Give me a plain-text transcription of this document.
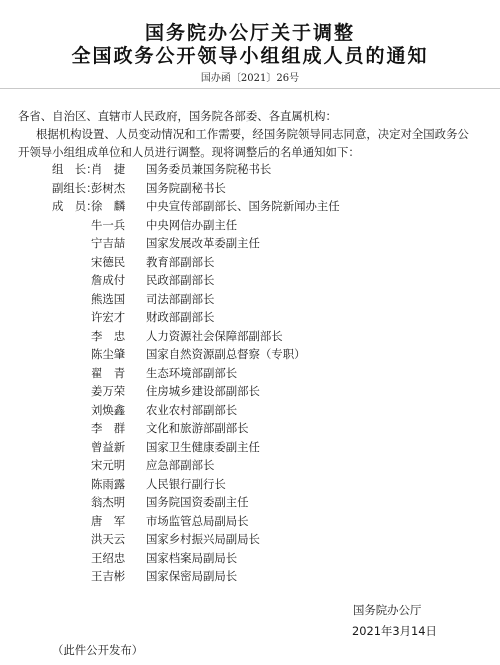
国务院办公厅关于调整
全国政务公开领导小组组成人员的通知
国办函〔2021〕26号
各省、自治区、直辖市人民政府，国务院各部委、各直属机构：
根据机构设置、人员变动情况和工作需要，经国务院领导同志同意，决定对全国政务公
开领导小组组成单位和人员进行调整。现将调整后的名单通知如下：
组　长：
肖　捷 国务委员兼国务院秘书长
副组长：
彭树杰 国务院副秘书长
成　员：
徐　麟 中央宣传部副部长、国务院新闻办主任
牛一兵 中央网信办副主任
宁吉喆 国家发展改革委副主任
宋德民 教育部副部长
詹成付 民政部副部长
熊选国 司法部副部长
许宏才 财政部副部长
李　忠 人力资源社会保障部副部长
陈尘肇 国家自然资源副总督察（专职）
翟　青 生态环境部副部长
姜万荣 住房城乡建设部副部长
刘焕鑫 农业农村部副部长
李　群 文化和旅游部副部长
曾益新 国家卫生健康委副主任
宋元明 应急部副部长
陈雨露 人民银行副行长
翁杰明 国务院国资委副主任
唐　军 市场监管总局副局长
洪天云 国家乡村振兴局副局长
王绍忠 国家档案局副局长
王吉彬 国家保密局副局长
国务院办公厅
2021年3月14日
（此件公开发布）
